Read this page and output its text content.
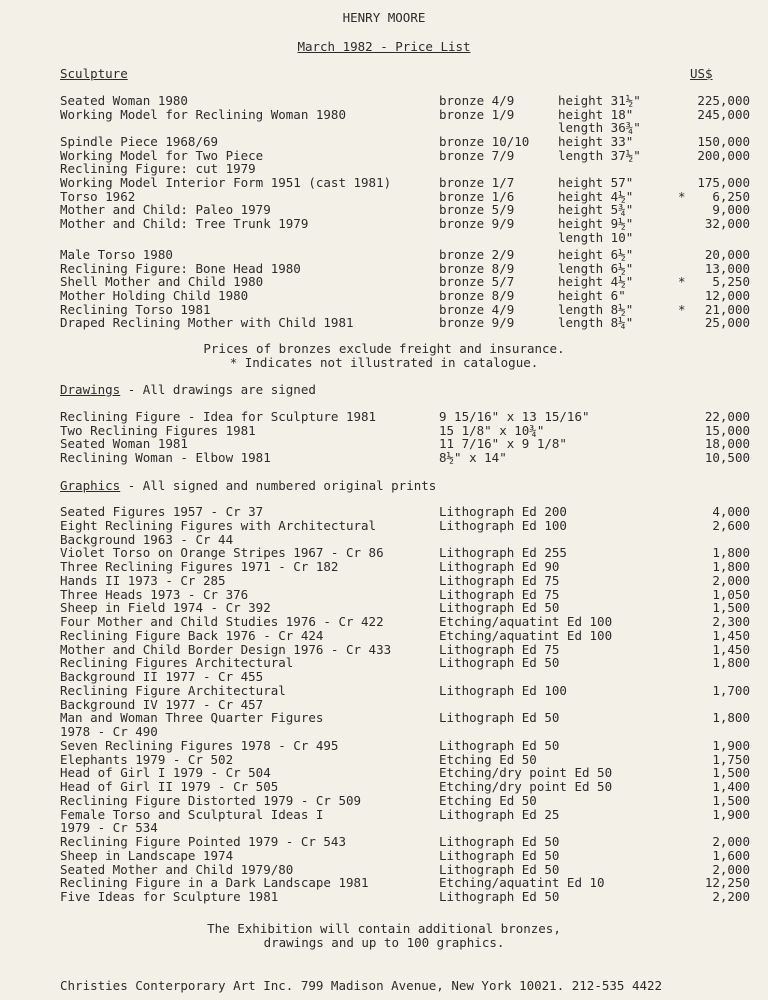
HENRY MOORE
March 1982 - Price List
Sculpture	US$
Seated Woman 1980	bronze 4/9	height 31½"	225,000
Working Model for Reclining Woman 1980	bronze 1/9	height 18"	245,000
length 36¾"
Spindle Piece 1968/69	bronze 10/10 height 33"	150,000
Working Model for Two Piece	bronze 7/9	length 37½"	200,000
Reclining Figure: cut 1979
Working Model Interior Form 1951 (cast 1981)	bronze 1/7	height 57"	175,000
Torso 1962	bronze 1/6	height 4½"	*	6,250
Mother and Child: Paleo 1979	bronze 5/9	height 5¾"	9,000
Mother and Child: Tree Trunk 1979	bronze 9/9	height 9½"	32,000
length 10"
Male Torso 1980	bronze 2/9	height 6½"	20,000
Reclining Figure: Bone Head 1980	bronze 8/9	length 6½"	13,000
Shell Mother and Child 1980	bronze 5/7	height 4½"	*	5,250
Mother Holding Child 1980	bronze 8/9	height 6"	12,000
Reclining Torso 1981	bronze 4/9	length 8½"	*	21,000
Draped Reclining Mother with Child 1981	bronze 9/9	length 8¼"	25,000
Prices of bronzes exclude freight and insurance.
* Indicates not illustrated in catalogue.
Drawings - All drawings are signed
Reclining Figure - Idea for Sculpture 1981	9 15/16" x 13 15/16"	22,000
Two Reclining Figures 1981	15 1/8" x 10¾"	15,000
Seated Woman 1981	11 7/16" x 9 1/8"	18,000
Reclining Woman - Elbow 1981	8½" x 14"	10,500
Graphics - All signed and numbered original prints
Seated Figures 1957 - Cr 37	Lithograph Ed 200	4,000
Eight Reclining Figures with Architectural	Lithograph Ed 100	2,600
Background 1963 - Cr 44
Violet Torso on Orange Stripes 1967 - Cr 86	Lithograph Ed 255	1,800
Three Reclining Figures 1971 - Cr 182	Lithograph Ed 90	1,800
Hands II 1973 - Cr 285	Lithograph Ed 75	2,000
Three Heads 1973 - Cr 376	Lithograph Ed 75	1,050
Sheep in Field 1974 - Cr 392	Lithograph Ed 50	1,500
Four Mother and Child Studies 1976 - Cr 422	Etching/aquatint Ed 100	2,300
Reclining Figure Back 1976 - Cr 424	Etching/aquatint Ed 100	1,450
Mother and Child Border Design 1976 - Cr 433	Lithograph Ed 75	1,450
Reclining Figures Architectural	Lithograph Ed 50	1,800
Background II 1977 - Cr 455
Reclining Figure Architectural	Lithograph Ed 100	1,700
Background IV 1977 - Cr 457
Man and Woman Three Quarter Figures	Lithograph Ed 50	1,800
1978 - Cr 490
Seven Reclining Figures 1978 - Cr 495	Lithograph Ed 50	1,900
Elephants 1979 - Cr 502	Etching Ed 50	1,750
Head of Girl I 1979 - Cr 504	Etching/dry point Ed 50	1,500
Head of Girl II 1979 - Cr 505	Etching/dry point Ed 50	1,400
Reclining Figure Distorted 1979 - Cr 509	Etching Ed 50	1,500
Female Torso and Sculptural Ideas I	Lithograph Ed 25	1,900
1979 - Cr 534
Reclining Figure Pointed 1979 - Cr 543	Lithograph Ed 50	2,000
Sheep in Landscape 1974	Lithograph Ed 50	1,600
Seated Mother and Child 1979/80	Lithograph Ed 50	2,000
Reclining Figure in a Dark Landscape 1981	Etching/aquatint Ed 10	12,250
Five Ideas for Sculpture 1981	Lithograph Ed 50	2,200
The Exhibition will contain additional bronzes,
drawings and up to 100 graphics.
Christies Conterporary Art Inc. 799 Madison Avenue, New York 10021. 212-535 4422
